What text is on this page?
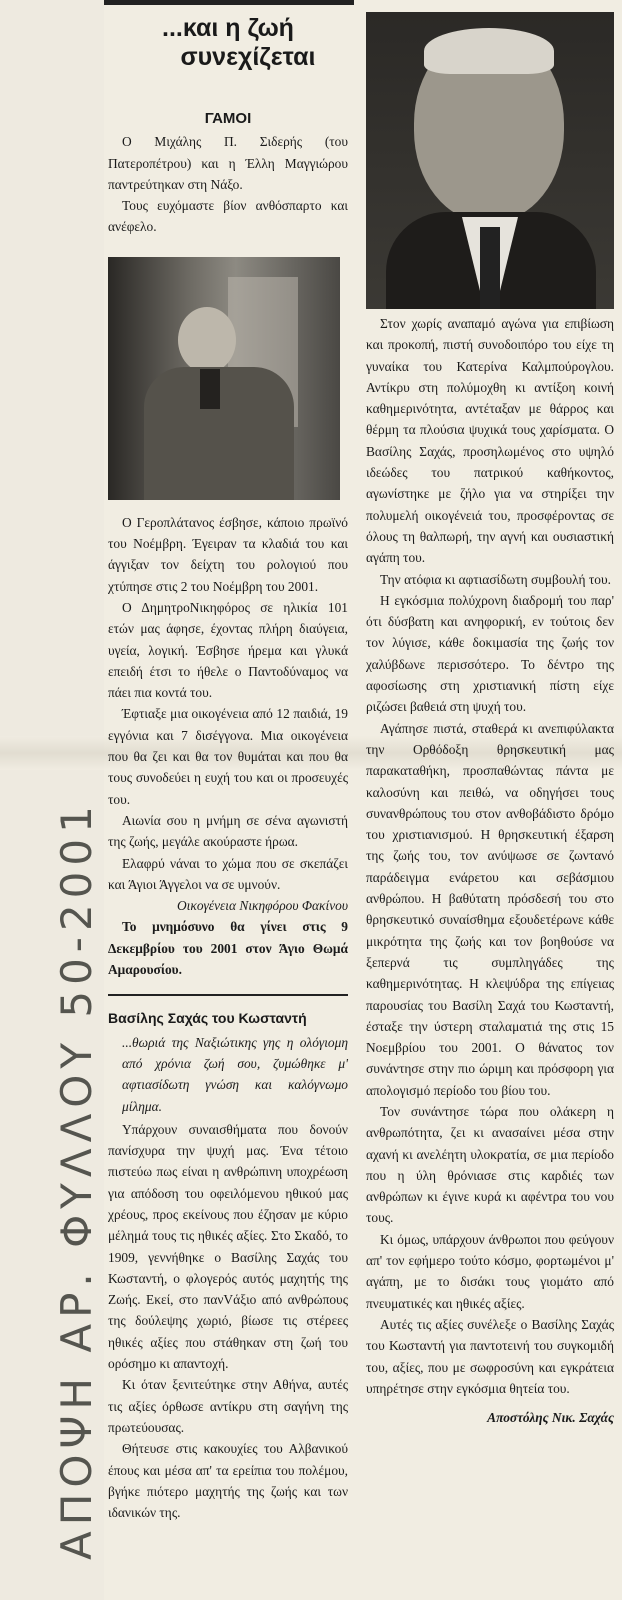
ΑΠΟΨΗ ΑΡ. ΦΥΛΛΟΥ 50-2001
...και η ζωή
συνεχίζεται
ΓΑΜΟΙ

Ο Μιχάλης Π. Σιδερής (του Πατερoπέτρου) και η Έλλη Μαγγιώρου παντρεύτηκαν στη Νάξο.

Τους ευχόμαστε βίον ανθόσπαρτο και ανέφελο.

Ο Γεροπλάτανος έσβησε, κάποιο πρωϊνό του Νοέμβρη. Έγειραν τα κλαδιά του και άγγιξαν τον δείχτη του ρολογιού που χτύπησε στις 2 του Νοέμβρη του 2001.

Ο ΔημητροΝικηφόρος σε ηλικία 101 ετών μας άφησε, έχοντας πλήρη διαύγεια, υγεία, λογική. Έσβησε ήρεμα και γλυκά επειδή έτσι το ήθελε ο Παντοδύναμος να πάει πια κοντά του.

Έφτιαξε μια οικογένεια από 12 παιδιά, 19 εγγόνια και 7 δισέγγονα. Μια οικογένεια που θα ζει και θα τον θυμάται και που θα τους συνοδεύει η ευχή του και οι προσευχές του.

Αιωνία σου η μνήμη σε σένα αγωνιστή της ζωής, μεγάλε ακούραστε ήρωα.

Ελαφρύ νάναι το χώμα που σε σκεπάζει και Άγιοι Άγγελοι να σε υμνούν.

Οικογένεια Νικηφόρου Φακίνου

Το μνημόσυνο θα γίνει στις 9 Δεκεμβρίου του 2001 στον Άγιο Θωμά Αμαρουσίου.

Βασίλης Σαχάς του Κωσταντή

...θωριά της Ναξιώτικης γης η ολόγιομη από χρόνια ζωή σου, ζυμώθηκε μ' αφτιασίδωτη γνώση και καλόγνωμο μίλημα.

Υπάρχουν συναισθήματα που δονούν πανίσχυρα την ψυχή μας. Ένα τέτοιο πιστεύω πως είναι η ανθρώπινη υποχρέωση για απόδοση του οφειλόμενου ηθικού μας χρέους, προς εκείνους που έζησαν με κύριο μέλημά τους τις ηθικές αξίες. Στο Σκαδό, το 1909, γεννήθηκε ο Βασίλης Σαχάς του Κωσταντή, ο φλογερός αυτός μαχητής της Ζωής. Εκεί, στο πανVάξιο από ανθρώπους της δούλεψης χωριό, βίωσε τις στέρεες ηθικές αξίες που στάθηκαν στη ζωή του ορόσημο κι απαντοχή.

Κι όταν ξενιτεύτηκε στην Αθήνα, αυτές τις αξίες όρθωσε αντίκρυ στη σαγήνη της πρωτεύουσας.

Θήτευσε στις κακουχίες του Αλβανικού έπους και μέσα απ' τα ερείπια του πολέμου, βγήκε πιότερο μαχητής της ζωής και των ιδανικών της.

Στον χωρίς αναπαμό αγώνα για επιβίωση και προκοπή, πιστή συνοδοιπόρο του είχε τη γυναίκα του Κατερίνα Καλμπούρογλου. Αντίκρυ στη πολύμοχθη κι αντίξοη κοινή καθημερινότητα, αντέταξαν με θάρρος και θέρμη τα πλούσια ψυχικά τους χαρίσματα. Ο Βασίλης Σαχάς, προσηλωμένος στο υψηλό ιδεώδες του πατρικού καθήκοντος, αγωνίστηκε με ζήλο για να στηρίξει την πολυμελή οικογένειά του, προσφέροντας σε όλους τη θαλπωρή, την αγνή και ουσιαστική αγάπη του.

Την ατόφια κι αφτιασίδωτη συμβουλή του.

Η εγκόσμια πολύχρονη διαδρομή του παρ' ότι δύσβατη και ανηφορική, εν τούτοις δεν τον λύγισε, κάθε δοκιμασία της ζωής τον χαλύβδωνε περισσότερο. Το δέντρο της αφοσίωσης στη χριστιανική πίστη είχε ριζώσει βαθειά στη ψυχή του.

Αγάπησε πιστά, σταθερά κι ανεπιφύλακτα την Ορθόδοξη θρησκευτική μας παρακαταθήκη, προσπαθώντας πάντα με καλοσύνη και πειθώ, να οδηγήσει τους συνανθρώπους του στον ανθοβάδιστο δρόμο του χριστιανισμού. Η θρησκευτική έξαρση της ζωής του, τον ανύψωσε σε ζωντανό παράδειγμα ενάρετου και σεβάσμιου ανθρώπου. Η βαθύτατη πρόσδεσή του στο θρησκευτικό συναίσθημα εξουδετέρωνε κάθε μικρότητα της ζωής και τον βοηθούσε να ξεπερνά τις συμπληγάδες της καθημερινότητας. Η κλεψύδρα της επίγειας παρουσίας του Βασίλη Σαχά του Κωσταντή, έσταξε την ύστερη σταλαματιά της στις 15 Νοεμβρίου του 2001. Ο θάνατος τον συνάντησε στην πιο ώριμη και πρόσφορη για απολογισμό περίοδο του βίου του.

Τον συνάντησε τώρα που ολάκερη η ανθρωπότητα, ζει κι ανασαίνει μέσα στην αχανή κι ανελέητη υλοκρατία, σε μια περίοδο που η ύλη θρόνιασε στις καρδιές των ανθρώπων κι έγινε κυρά κι αφέντρα του νου τους.

Κι όμως, υπάρχουν άνθρωποι που φεύγουν απ' τον εφήμερο τούτο κόσμο, φορτωμένοι μ' αγάπη, με το δισάκι τους γιομάτο από πνευματικές και ηθικές αξίες.

Αυτές τις αξίες συνέλεξε ο Βασίλης Σαχάς του Κωσταντή για παντοτεινή του συγκομιδή του, αξίες, που με σωφροσύνη και εγκράτεια υπηρέτησε στην εγκόσμια θητεία του.

Αποστόλης Νικ. Σαχάς
